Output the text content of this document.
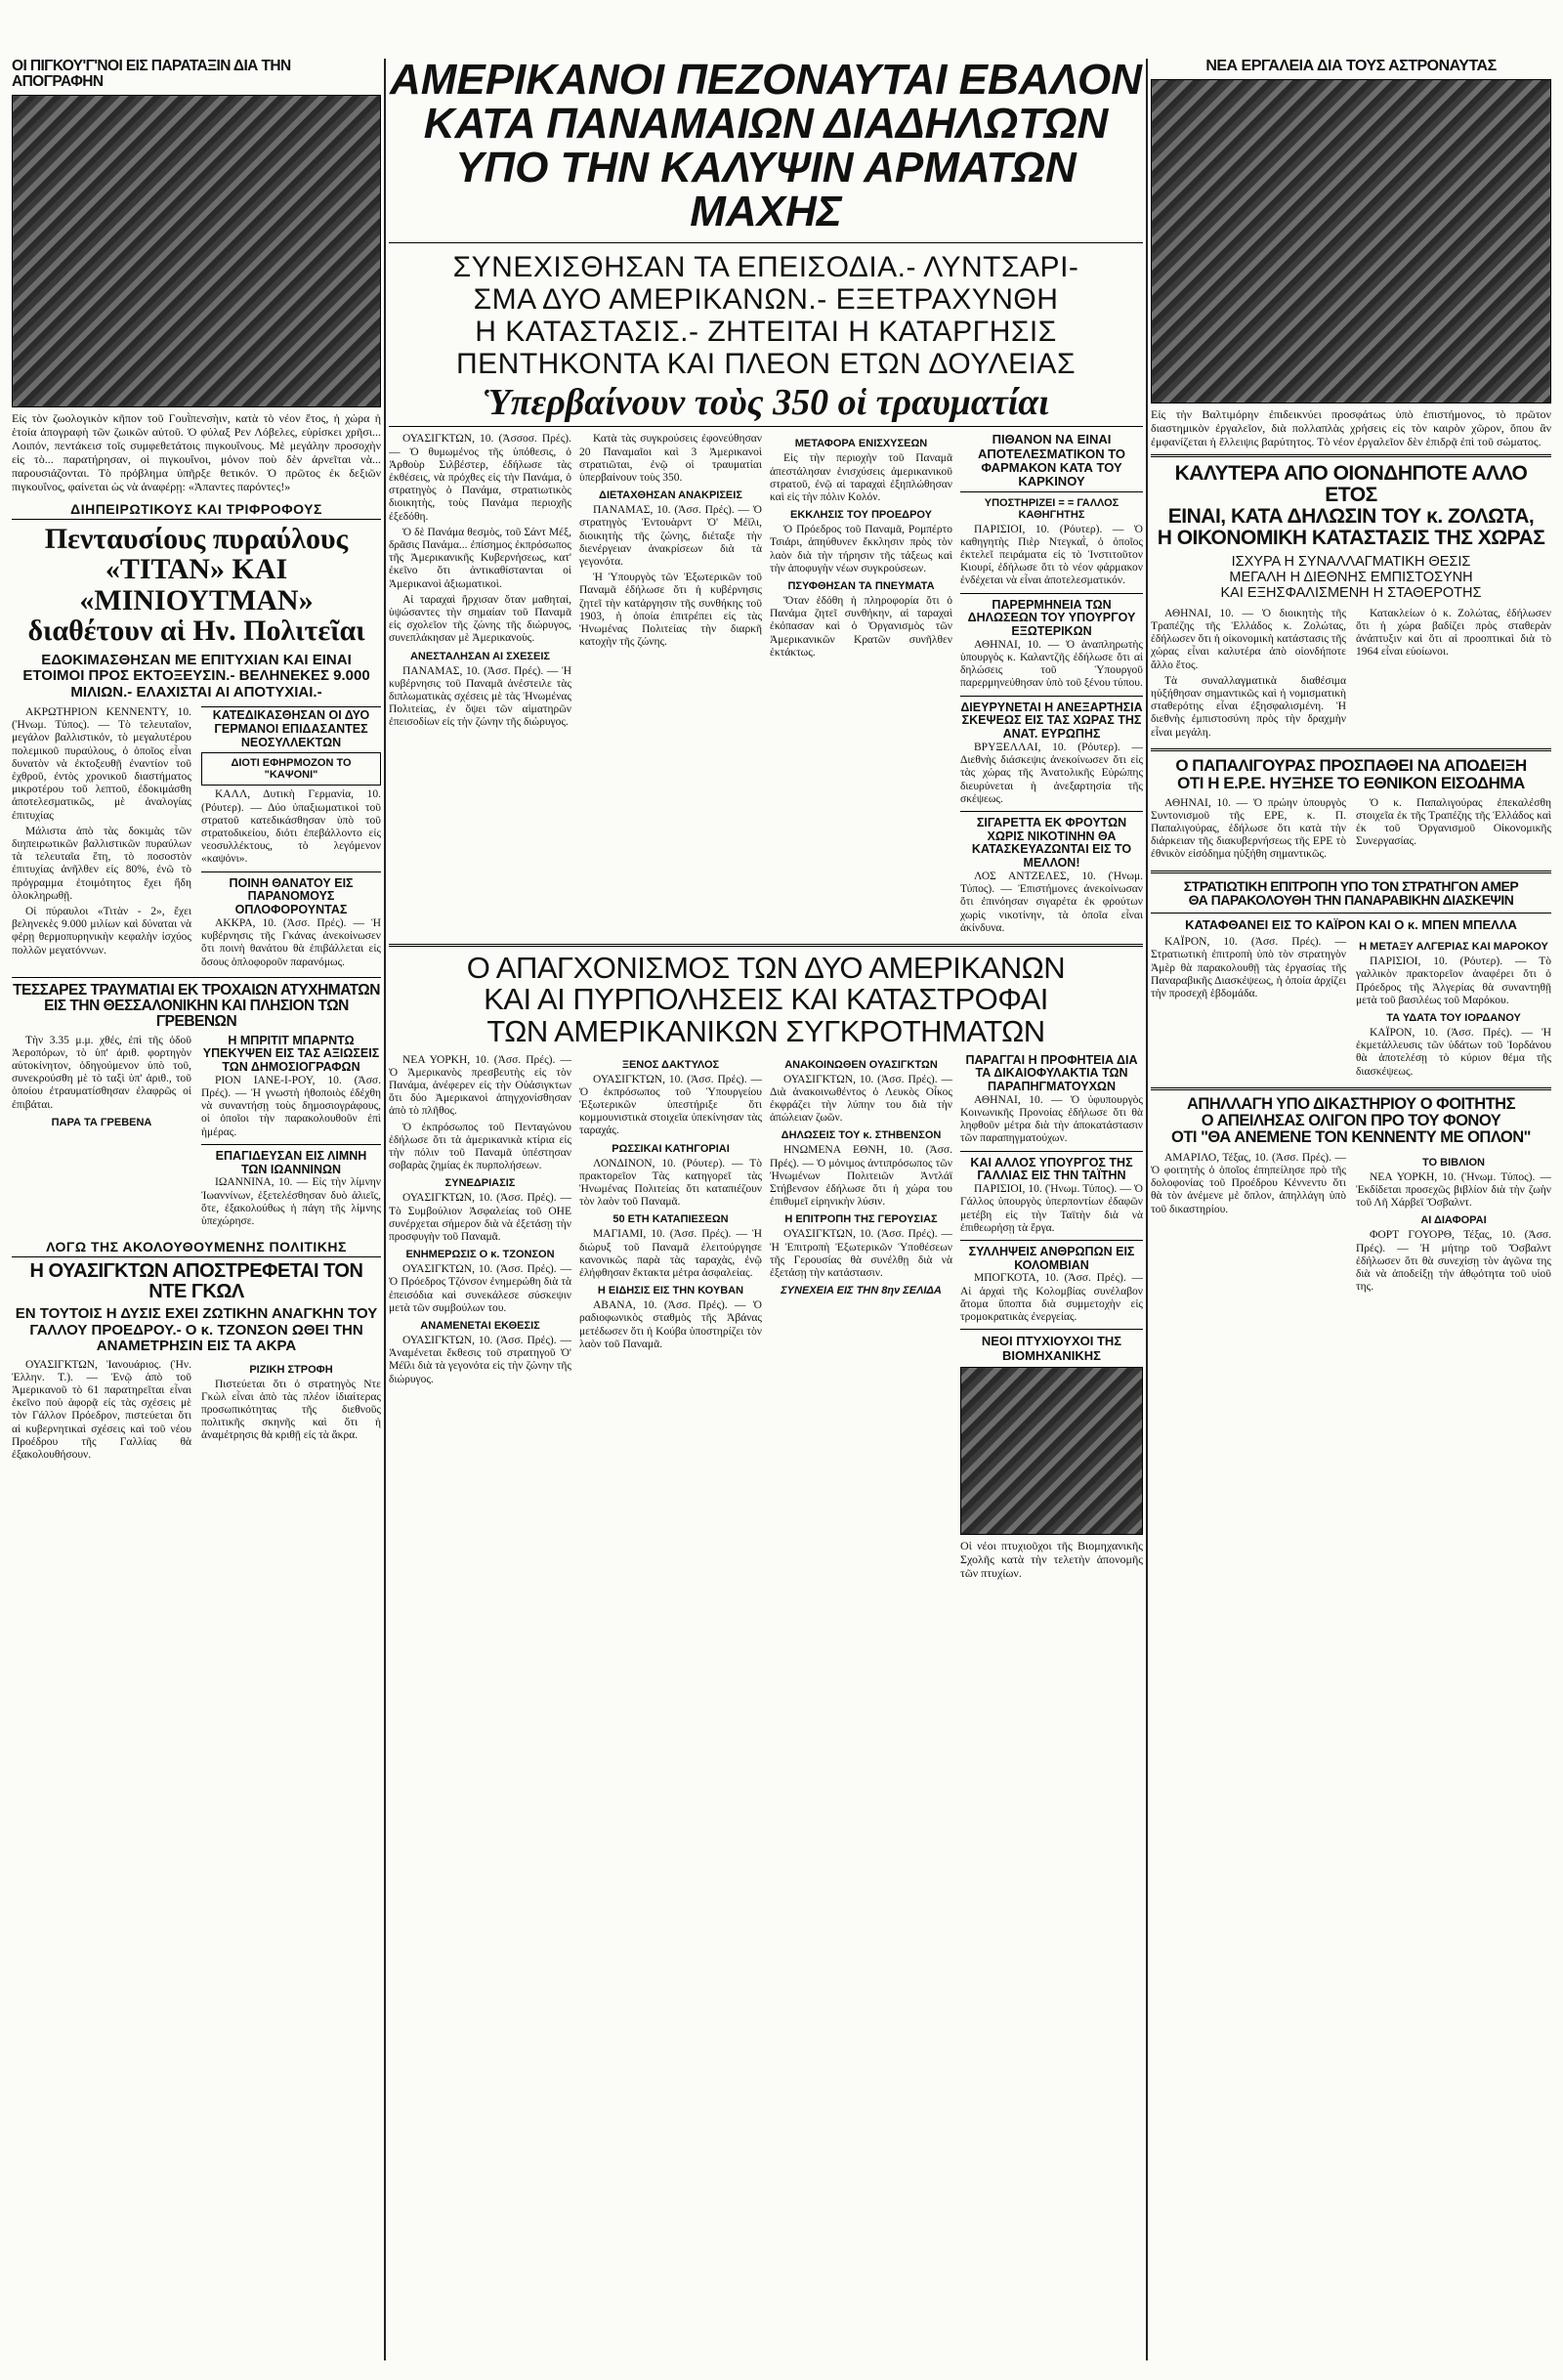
ΟΙ ΠΙΓΚΟΥ'Γ'ΝΟΙ ΕΙΣ ΠΑΡΑΤΑΞΙΝ ΔΙΑ ΤΗΝ ΑΠΟΓΡΑΦΗΝ
Εἰς τὸν ζωολογικὸν κῆπον τοῦ Γουῒπενσὴιν, κατὰ τὸ νέον ἔτος, ἡ χώρα ἡ ἑτοία ἀπογραφὴ τῶν ζωικῶν αὐτοῦ. Ὁ φύλαξ Ρεν Λόβελες, εὑρίσκει χρῆσι... Λοιπόν, πεντάκεισ τοῖς συμφεθετάτοις πιγκουΐνους. Μὲ μεγάλην προσοχὴν εἰς τὸ... παρατήρησαν, οἱ πιγκουΐνοι, μόνον ποὺ δὲν ἀρνεῖται νὰ... παρουσιάζονται. Τὸ πρόβλημα ὑπῆρξε θετικόν. Ὁ πρῶτος ἐκ δεξιῶν πιγκουΐνος, φαίνεται ὡς νὰ ἀναφέρῃ: «Ἀπαντες παρόντες!»
ΔΙΗΠΕΙΡΩΤΙΚΟΥΣ ΚΑΙ ΤΡΙΦΡΟΦΟΥΣ
Πενταυσίους πυραύλους
«ΤΙΤΑΝ» ΚΑΙ «ΜΙΝΙΟΥΤΜΑΝ»
διαθέτουν αἱ Ην. Πολιτεῖαι
ΕΔΟΚΙΜΑΣΘΗΣΑΝ ΜΕ ΕΠΙΤΥΧΙΑΝ ΚΑΙ ΕΙΝΑΙ ΕΤΟΙΜΟΙ ΠΡΟΣ ΕΚΤΟΞΕΥΣΙΝ.- ΒΕΛΗΝΕΚΕΣ 9.000 ΜΙΛΙΩΝ.- ΕΛΑΧΙΣΤΑΙ ΑΙ ΑΠΟΤΥΧΙΑΙ.-

ΑΚΡΩΤΗΡΙΟΝ ΚΕΝΝΕΝΤΥ, 10. (Ἡνωμ. Τύπος). — Τὸ τελευταῖον, μεγάλον βαλλιστικόν, τὸ μεγαλυτέρου πολεμικοῦ πυραύλους, ὁ ὁποῖος εἶναι δυνατὸν νὰ ἐκτοξευθῇ ἐναντίον τοῦ ἐχθροῦ, ἐντὸς χρονικοῦ διαστήματος μικροτέρου τοῦ λεπτοῦ, ἐδοκιμάσθη ἀποτελεσματικῶς, μὲ ἀναλογίας ἐπιτυχίας

Μάλιστα ἀπὸ τὰς δοκιμὰς τῶν διηπειρωτικῶν βαλλιστικῶν πυραύλων τὰ τελευταῖα ἔτη, τὸ ποσοστὸν ἐπιτυχίας ἀνῆλθεν εἰς 80%, ἐνῶ τὸ πρόγραμμα ἐτοιμότητος ἔχει ἤδη ὁλοκληρωθῇ.

Οἱ πύραυλοι «Τιτὰν - 2», ἔχει βεληνεκὲς 9.000 μιλίων καὶ δύναται νὰ φέρῃ θερμοπυρηνικὴν κεφαλὴν ἰσχύος πολλῶν μεγατόννων.

ΚΑΤΕΔΙΚΑΣΘΗΣΑΝ ΟΙ ΔΥΟ ΓΕΡΜΑΝΟΙ ΕΠΙΔΑΣΑΝΤΕΣ ΝΕΟΣΥΛΛΕΚΤΩΝ
ΔΙΟΤΙ ΕΦΗΡΜΟΖΟΝ ΤΟ "ΚΑΨΟΝΙ"

ΚΑΛΛ, Δυτικὴ Γερμανία, 10. (Ρόυτερ). — Δύο ὑπαξιωματικοὶ τοῦ στρατοῦ κατεδικάσθησαν ὑπὸ τοῦ στρατοδικείου, διότι ἐπεβάλλοντο εἰς νεοσυλλέκτους, τὸ λεγόμενον «καψόνι».

ΠΟΙΝΗ ΘΑΝΑΤΟΥ ΕΙΣ ΠΑΡΑΝΟΜΟΥΣ ΟΠΛΟΦΟΡΟΥΝΤΑΣ

ΑΚΚΡΑ, 10. (Ἀσσ. Πρές). — Ἡ κυβέρνησις τῆς Γκάνας ἀνεκοίνωσεν ὅτι ποινὴ θανάτου θὰ ἐπιβάλλεται εἰς ὅσους ὁπλοφοροῦν παρανόμως.

ΤΕΣΣΑΡΕΣ ΤΡΑΥΜΑΤΙΑΙ ΕΚ ΤΡΟΧΑΙΩΝ ΑΤΥΧΗΜΑΤΩΝ ΕΙΣ ΤΗΝ ΘΕΣΣΑΛΟΝΙΚΗΝ ΚΑΙ ΠΛΗΣΙΟΝ ΤΩΝ ΓΡΕΒΕΝΩΝ

Τὴν 3.35 μ.μ. χθές, ἐπὶ τῆς ὁδοῦ Ἀεροπόρων, τὸ ὑπ' ἀριθ. φορτηγὸν αὐτοκίνητον, ὁδηγούμενον ὑπὸ τοῦ, συνεκρούσθη μὲ τὸ ταξὶ ὑπ' ἀριθ., τοῦ ὁποίου ἐτραυματίσθησαν ἐλαφρῶς οἱ ἐπιβάται.

ΠΑΡΑ ΤΑ ΓΡΕΒΕΝΑ
Η ΜΠΡΙΤΙΤ ΜΠΑΡΝΤΩ ΥΠΕΚΥΨΕΝ ΕΙΣ ΤΑΣ ΑΞΙΩΣΕΙΣ ΤΩΝ ΔΗΜΟΣΙΟΓΡΑΦΩΝ

ΡΙΟΝ ΙΑΝΕ-Ι-ΡΟΥ, 10. (Ἀσσ. Πρές). — Ἡ γνωστὴ ἠθοποιὸς ἐδέχθη νὰ συναντήσῃ τοὺς δημοσιογράφους, οἱ ὁποῖοι τὴν παρακολουθοῦν ἐπὶ ἡμέρας.

ΕΠΑΓΙΔΕΥΣΑΝ ΕΙΣ ΛΙΜΝΗ ΤΩΝ ΙΩΑΝΝΙΝΩΝ

ΙΩΑΝΝΙΝΑ, 10. — Εἰς τὴν λίμνην Ἰωαννίνων, ἐξετελέσθησαν δυὸ ἀλιεῖς, ὅτε, ἐξακολούθως ἡ πάγη τῆς λίμνης ὑπεχώρησε.

ΛΟΓΩ ΤΗΣ ΑΚΟΛΟΥΘΟΥΜΕΝΗΣ ΠΟΛΙΤΙΚΗΣ
Η ΟΥΑΣΙΓΚΤΩΝ ΑΠΟΣΤΡΕΦΕΤΑΙ ΤΟΝ ΝΤΕ ΓΚΩΛ
ΕΝ ΤΟΥΤΟΙΣ Η ΔΥΣΙΣ ΕΧΕΙ ΖΩΤΙΚΗΝ ΑΝΑΓΚΗΝ ΤΟΥ ΓΑΛΛΟΥ ΠΡΟΕΔΡΟΥ.- Ο κ. ΤΖΟΝΣΟΝ ΩΘΕΙ ΤΗΝ ΑΝΑΜΕΤΡΗΣΙΝ ΕΙΣ ΤΑ ΑΚΡΑ

ΟΥΑΣΙΓΚΤΩΝ, Ἰανουάριος. (Ἡν. Ἐλλην. Τ.). — Ἐνῷ ἀπὸ τοῦ Ἁμερικανοῦ τὸ 61 παρατηρεῖται εἶναι ἐκεῖνο ποὺ ἀφορᾷ εἰς τὰς σχέσεις μὲ τὸν Γάλλον Πρόεδρον, πιστεύεται ὅτι αἱ κυβερνητικαὶ σχέσεις καὶ τοῦ νέου Προέδρου τῆς Γαλλίας θὰ ἐξακολουθήσουν.

ΡΙΖΙΚΗ ΣΤΡΟΦΗ

Πιστεύεται ὅτι ὁ στρατηγὸς Ντε Γκὼλ εἶναι ἀπὸ τὰς πλέον ἰδιαίτερας προσωπικότητας τῆς διεθνοῦς πολιτικῆς σκηνῆς καὶ ὅτι ἡ ἀναμέτρησις θὰ κριθῇ εἰς τὰ ἄκρα.

ΑΜΕΡΙΚΑΝΟΙ ΠΕΖΟΝΑΥΤΑΙ ΕΒΑΛΟΝ
ΚΑΤΑ ΠΑΝΑΜΑΙΩΝ ΔΙΑΔΗΛΩΤΩΝ
ΥΠΟ ΤΗΝ ΚΑΛΥΨΙΝ ΑΡΜΑΤΩΝ ΜΑΧΗΣ
ΣΥΝΕΧΙΣΘΗΣΑΝ ΤΑ ΕΠΕΙΣΟΔΙΑ.- ΛΥΝΤΣΑΡΙ-
ΣΜΑ ΔΥΟ ΑΜΕΡΙΚΑΝΩΝ.- ΕΞΕΤΡΑΧΥΝΘΗ
Η ΚΑΤΑΣΤΑΣΙΣ.- ΖΗΤΕΙΤΑΙ Η ΚΑΤΑΡΓΗΣΙΣ
ΠΕΝΤΗΚΟΝΤΑ ΚΑΙ ΠΛΕΟΝ ΕΤΩΝ ΔΟΥΛΕΙΑΣ
Ὑπερβαίνουν τοὺς 350 οἱ τραυματίαι

ΟΥΑΣΙΓΚΤΩΝ, 10. (Ἀσσοσ. Πρές). — Ὁ θυμωμένος τῆς ὑπόθεσις, ὁ Ἀρθοὺρ Σιλβέστερ, ἐδήλωσε τὰς ἐκθέσεις, νὰ πρόχθες εἰς τὴν Πανάμα, ὁ στρατηγὸς ὁ Πανάμα, στρατιωτικὸς διοικητὴς, τοὺς Πανάμα περιοχῆς ἐξεδόθη.

Ὁ δὲ Πανάμα θεσμὸς, τοῦ Σάντ Μέξ, δρᾶσις Πανάμα... ἐπίσημος ἐκπρόσωπος τῆς Ἀμερικανικῆς Κυβερνήσεως, κατ' ἐκεῖνο ὅτι ἀντικαθίστανται οἱ Ἀμερικανοὶ ἀξιωματικοὶ.

Αἱ ταραχαὶ ἤρχισαν ὅταν μαθηταί, ὑψώσαντες τὴν σημαίαν τοῦ Παναμᾶ εἰς σχολεῖον τῆς ζώνης τῆς διώρυγος, συνεπλάκησαν μὲ Ἀμερικανοὺς.

ΑΝΕΣΤΑΛΗΣΑΝ ΑΙ ΣΧΕΣΕΙΣ

ΠΑΝΑΜΑΣ, 10. (Ἀσσ. Πρές). — Ἡ κυβέρνησις τοῦ Παναμᾶ ἀνέστειλε τὰς διπλωματικὰς σχέσεις μὲ τὰς Ἡνωμένας Πολιτείας, ἐν ὄψει τῶν αἱματηρῶν ἐπεισοδίων εἰς τὴν ζώνην τῆς διώρυγος.

Κατὰ τὰς συγκρούσεις ἐφονεύθησαν 20 Παναμαῖοι καὶ 3 Ἀμερικανοὶ στρατιῶται, ἐνῷ οἱ τραυματίαι ὑπερβαίνουν τοὺς 350.

ΔΙΕΤΑΧΘΗΣΑΝ ΑΝΑΚΡΙΣΕΙΣ

ΠΑΝΑΜΑΣ, 10. (Ἀσσ. Πρές). — Ὁ στρατηγὸς Ἐντουὰρντ Ὁ' Μέϊλι, διοικητὴς τῆς ζώνης, διέταξε τὴν διενέργειαν ἀνακρίσεων διὰ τὰ γεγονότα.

Ἡ Ὑπουργὸς τῶν Ἐξωτερικῶν τοῦ Παναμᾶ ἐδήλωσε ὅτι ἡ κυβέρνησις ζητεῖ τὴν κατάργησιν τῆς συνθήκης τοῦ 1903, ἡ ὁποία ἐπιτρέπει εἰς τὰς Ἡνωμένας Πολιτείας τὴν διαρκῆ κατοχὴν τῆς ζώνης.

ΜΕΤΑΦΟΡΑ ΕΝΙΣΧΥΣΕΩΝ

Εἰς τὴν περιοχὴν τοῦ Παναμᾶ ἀπεστάλησαν ἐνισχύσεις ἀμερικανικοῦ στρατοῦ, ἐνῷ αἱ ταραχαὶ ἐξηπλώθησαν καὶ εἰς τὴν πόλιν Κολόν.

ΕΚΚΛΗΣΙΣ ΤΟΥ ΠΡΟΕΔΡΟΥ

Ὁ Πρόεδρος τοῦ Παναμᾶ, Ρομπέρτο Τσιάρι, ἀπηύθυνεν ἔκκλησιν πρὸς τὸν λαὸν διὰ τὴν τήρησιν τῆς τάξεως καὶ τὴν ἀποφυγὴν νέων συγκρούσεων.

ΠΣΥΦΘΗΣΑΝ ΤΑ ΠΝΕΥΜΑΤΑ

Ὅταν ἐδόθη ἡ πληροφορία ὅτι ὁ Πανάμα ζητεῖ συνθήκην, αἱ ταραχαὶ ἐκόπασαν καὶ ὁ Ὀργανισμὸς τῶν Ἀμερικανικῶν Κρατῶν συνῆλθεν ἐκτάκτως.

ΠΙΘΑΝΟΝ ΝΑ ΕΙΝΑΙ ΑΠΟΤΕΛΕΣΜΑΤΙΚΟΝ ΤΟ ΦΑΡΜΑΚΟΝ ΚΑΤΑ ΤΟΥ ΚΑΡΚΙΝΟΥ
ΥΠΟΣΤΗΡΙΖΕΙ = = ΓΑΛΛΟΣ ΚΑΘΗΓΗΤΗΣ

ΠΑΡΙΣΙΟΙ, 10. (Ρόυτερ). — Ὁ καθηγητὴς Πιὲρ Ντεγκαῒ, ὁ ὁποῖος ἐκτελεῖ πειράματα εἰς τὸ Ἰνστιτοῦτον Κιουρί, ἐδήλωσε ὅτι τὸ νέον φάρμακον ἐνδέχεται νὰ εἶναι ἀποτελεσματικόν.

ΠΑΡΕΡΜΗΝΕΙΑ ΤΩΝ ΔΗΛΩΣΕΩΝ ΤΟΥ ΥΠΟΥΡΓΟΥ ΕΞΩΤΕΡΙΚΩΝ

ΑΘΗΝΑΙ, 10. — Ὁ ἀναπληρωτὴς ὑπουργὸς κ. Καλαντζῆς ἐδήλωσε ὅτι αἱ δηλώσεις τοῦ Ὑπουργοῦ παρερμηνεύθησαν ὑπὸ τοῦ ξένου τύπου.

ΔΙΕΥΡΥΝΕΤΑΙ Η ΑΝΕΞΑΡΤΗΣΙΑ ΣΚΕΨΕΩΣ ΕΙΣ ΤΑΣ ΧΩΡΑΣ ΤΗΣ ΑΝΑΤ. ΕΥΡΩΠΗΣ

ΒΡΥΞΕΛΛΑΙ, 10. (Ρόυτερ). — Διεθνὴς διάσκεψις ἀνεκοίνωσεν ὅτι εἰς τὰς χώρας τῆς Ἀνατολικῆς Εὐρώπης διευρύνεται ἡ ἀνεξαρτησία τῆς σκέψεως.

ΣΙΓΑΡΕΤΤΑ ΕΚ ΦΡΟΥΤΩΝ ΧΩΡΙΣ ΝΙΚΟΤΙΝΗΝ ΘΑ ΚΑΤΑΣΚΕΥΑΖΩΝΤΑΙ ΕΙΣ ΤΟ ΜΕΛΛΟΝ!

ΛΟΣ ΑΝΤΖΕΛΕΣ, 10. (Ἡνωμ. Τύπος). — Ἐπιστήμονες ἀνεκοίνωσαν ὅτι ἐπινόησαν σιγαρέτα ἐκ φρούτων χωρὶς νικοτίνην, τὰ ὁποῖα εἶναι ἀκίνδυνα.

Ο ΑΠΑΓΧΟΝΙΣΜΟΣ ΤΩΝ ΔΥΟ ΑΜΕΡΙΚΑΝΩΝ
ΚΑΙ ΑΙ ΠΥΡΠΟΛΗΣΕΙΣ ΚΑΙ ΚΑΤΑΣΤΡΟΦΑΙ
ΤΩΝ ΑΜΕΡΙΚΑΝΙΚΩΝ ΣΥΓΚΡΟΤΗΜΑΤΩΝ

ΝΕΑ ΥΟΡΚΗ, 10. (Ἀσσ. Πρές). — Ὁ Ἀμερικανὸς πρεσβευτὴς εἰς τὸν Πανάμα, ἀνέφερεν εἰς τὴν Οὐάσιγκτων ὅτι δύο Ἀμερικανοὶ ἀπηγχονίσθησαν ἀπὸ τὸ πλῆθος.

Ὁ ἐκπρόσωπος τοῦ Πενταγώνου ἐδήλωσε ὅτι τὰ ἀμερικανικὰ κτίρια εἰς τὴν πόλιν τοῦ Παναμᾶ ὑπέστησαν σοβαρὰς ζημίας ἐκ πυρπολήσεων.

ΣΥΝΕΔΡΙΑΣΙΣ

ΟΥΑΣΙΓΚΤΩΝ, 10. (Ἀσσ. Πρές). — Τὸ Συμβούλιον Ἀσφαλείας τοῦ ΟΗΕ συνέρχεται σήμερον διὰ νὰ ἐξετάσῃ τὴν προσφυγὴν τοῦ Παναμᾶ.

ΕΝΗΜΕΡΩΣΙΣ Ο κ. ΤΖΟΝΣΟΝ

ΟΥΑΣΙΓΚΤΩΝ, 10. (Ἀσσ. Πρές). — Ὁ Πρόεδρος Τζόνσον ἐνημερώθη διὰ τὰ ἐπεισόδια καὶ συνεκάλεσε σύσκεψιν μετὰ τῶν συμβούλων του.

ΑΝΑΜΕΝΕΤΑΙ ΕΚΘΕΣΙΣ

ΟΥΑΣΙΓΚΤΩΝ, 10. (Ἀσσ. Πρές). — Ἀναμένεται ἔκθεσις τοῦ στρατηγοῦ Ὁ' Μέϊλι διὰ τὰ γεγονότα εἰς τὴν ζώνην τῆς διώρυγος.

ΞΕΝΟΣ ΔΑΚΤΥΛΟΣ

ΟΥΑΣΙΓΚΤΩΝ, 10. (Ἀσσ. Πρές). — Ὁ ἐκπρόσωπος τοῦ Ὑπουργείου Ἐξωτερικῶν ὑπεστήριξε ὅτι κομμουνιστικὰ στοιχεῖα ὑπεκίνησαν τὰς ταραχάς.

ΡΩΣΣΙΚΑΙ ΚΑΤΗΓΟΡΙΑΙ

ΛΟΝΔΙΝΟΝ, 10. (Ρόυτερ). — Τὸ πρακτορεῖον Τὰς κατηγορεῖ τὰς Ἡνωμένας Πολιτείας ὅτι καταπιέζουν τὸν λαὸν τοῦ Παναμᾶ.

50 ΕΤΗ ΚΑΤΑΠΙΕΣΕΩΝ

ΜΑΓΙΑΜΙ, 10. (Ἀσσ. Πρές). — Ἡ διώρυξ τοῦ Παναμᾶ ἐλειτούργησε κανονικῶς παρὰ τὰς ταραχὰς, ἐνῷ ἐλήφθησαν ἔκτακτα μέτρα ἀσφαλείας.

Η ΕΙΔΗΣΙΣ ΕΙΣ ΤΗΝ ΚΟΥΒΑΝ

ΑΒΑΝΑ, 10. (Ἀσσ. Πρές). — Ὁ ραδιοφωνικὸς σταθμὸς τῆς Ἀβάνας μετέδωσεν ὅτι ἡ Κούβα ὑποστηρίζει τὸν λαὸν τοῦ Παναμᾶ.

ΑΝΑΚΟΙΝΩΘΕΝ ΟΥΑΣΙΓΚΤΩΝ

ΟΥΑΣΙΓΚΤΩΝ, 10. (Ἀσσ. Πρές). — Διὰ ἀνακοινωθέντος ὁ Λευκὸς Οἶκος ἐκφράζει τὴν λύπην του διὰ τὴν ἀπώλειαν ζωῶν.

ΔΗΛΩΣΕΙΣ ΤΟΥ κ. ΣΤΗΒΕΝΣΟΝ

ΗΝΩΜΕΝΑ ΕΘΝΗ, 10. (Ἀσσ. Πρές). — Ὁ μόνιμος ἀντιπρόσωπος τῶν Ἡνωμένων Πολιτειῶν Ἀντλάϊ Στήβενσον ἐδήλωσε ὅτι ἡ χώρα του ἐπιθυμεῖ εἰρηνικὴν λύσιν.

Η ΕΠΙΤΡΟΠΗ ΤΗΣ ΓΕΡΟΥΣΙΑΣ

ΟΥΑΣΙΓΚΤΩΝ, 10. (Ἀσσ. Πρές). — Ἡ Ἐπιτροπὴ Ἐξωτερικῶν Ὑποθέσεων τῆς Γερουσίας θὰ συνέλθῃ διὰ νὰ ἐξετάσῃ τὴν κατάστασιν.

ΣΥΝΕΧΕΙΑ ΕΙΣ ΤΗΝ 8ην ΣΕΛΙΔΑ
ΠΑΡΑΓΓΑΙ Η ΠΡΟΦΗΤΕΙΑ ΔΙΑ ΤΑ ΔΙΚΑΙΟΦΥΛΑΚΤΙΑ ΤΩΝ ΠΑΡΑΠΗΓΜΑΤΟΥΧΩΝ

ΑΘΗΝΑΙ, 10. — Ὁ ὑφυπουργὸς Κοινωνικῆς Προνοίας ἐδήλωσε ὅτι θὰ ληφθοῦν μέτρα διὰ τὴν ἀποκατάστασιν τῶν παραπηγματούχων.

ΚΑΙ ΑΛΛΟΣ ΥΠΟΥΡΓΟΣ ΤΗΣ ΓΑΛΛΙΑΣ ΕΙΣ ΤΗΝ ΤΑΪΤΗΝ

ΠΑΡΙΣΙΟΙ, 10. (Ἡνωμ. Τύπος). — Ὁ Γάλλος ὑπουργὸς ὑπερποντίων ἐδαφῶν μετέβη εἰς τὴν Ταϊτὴν διὰ νὰ ἐπιθεωρήσῃ τὰ ἔργα.

ΣΥΛΛΗΨΕΙΣ ΑΝΘΡΩΠΩΝ ΕΙΣ ΚΟΛΟΜΒΙΑΝ

ΜΠΟΓΚΟΤΑ, 10. (Ἀσσ. Πρές). — Αἱ ἀρχαὶ τῆς Κολομβίας συνέλαβον ἄτομα ὕποπτα διὰ συμμετοχὴν εἰς τρομοκρατικὰς ἐνεργείας.

ΝΕΟΙ ΠΤΥΧΙΟΥΧΟΙ ΤΗΣ ΒΙΟΜΗΧΑΝΙΚΗΣ
Οἱ νέοι πτυχιοῦχοι τῆς Βιομηχανικῆς Σχολῆς κατὰ τὴν τελετὴν ἀπονομῆς τῶν πτυχίων.
ΝΕΑ ΕΡΓΑΛΕΙΑ ΔΙΑ ΤΟΥΣ ΑΣΤΡΟΝΑΥΤΑΣ
Εἰς τὴν Βαλτιμόρην ἐπιδεικνύει προσφάτως ὑπὸ ἐπιστήμονος, τὸ πρῶτον διαστημικὸν ἐργαλεῖον, διὰ πολλαπλὰς χρήσεις εἰς τὸν καιρὸν χῶρον, ὅπου ἂν ἐμφανίζεται ἡ ἔλλειψις βαρύτητος. Τὸ νέον ἐργαλεῖον δὲν ἐπιδρᾷ ἐπὶ τοῦ σώματος.
ΚΑΛΥΤΕΡΑ ΑΠΟ ΟΙΟΝΔΗΠΟΤΕ ΑΛΛΟ ΕΤΟΣ
ΕΙΝΑΙ, ΚΑΤΑ ΔΗΛΩΣΙΝ ΤΟΥ κ. ΖΟΛΩΤΑ,
Η ΟΙΚΟΝΟΜΙΚΗ ΚΑΤΑΣΤΑΣΙΣ ΤΗΣ ΧΩΡΑΣ
ΙΣΧΥΡΑ Η ΣΥΝΑΛΛΑΓΜΑΤΙΚΗ ΘΕΣΙΣ
ΜΕΓΑΛΗ Η ΔΙΕΘΝΗΣ ΕΜΠΙΣΤΟΣΥΝΗ
ΚΑΙ ΕΞΗΣΦΑΛΙΣΜΕΝΗ Η ΣΤΑΘΕΡΟΤΗΣ

ΑΘΗΝΑΙ, 10. — Ὁ διοικητὴς τῆς Τραπέζης τῆς Ἑλλάδος κ. Ζολώτας, ἐδήλωσεν ὅτι ἡ οἰκονομικὴ κατάστασις τῆς χώρας εἶναι καλυτέρα ἀπὸ οἱονδήποτε ἄλλο ἔτος.

Τὰ συναλλαγματικὰ διαθέσιμα ηὐξήθησαν σημαντικῶς καὶ ἡ νομισματικὴ σταθερότης εἶναι ἐξησφαλισμένη. Ἡ διεθνὴς ἐμπιστοσύνη πρὸς τὴν δραχμὴν εἶναι μεγάλη.

Κατακλείων ὁ κ. Ζολώτας, ἐδήλωσεν ὅτι ἡ χώρα βαδίζει πρὸς σταθερὰν ἀνάπτυξιν καὶ ὅτι αἱ προοπτικαὶ διὰ τὸ 1964 εἶναι εὐοίωνοι.

Ο ΠΑΠΑΛΙΓΟΥΡΑΣ ΠΡΟΣΠΑΘΕΙ ΝΑ ΑΠΟΔΕΙΞΗ
ΟΤΙ Η Ε.Ρ.Ε. ΗΥΞΗΣΕ ΤΟ ΕΘΝΙΚΟΝ ΕΙΣΟΔΗΜΑ

ΑΘΗΝΑΙ, 10. — Ὁ πρώην ὑπουργὸς Συντονισμοῦ τῆς ΕΡΕ, κ. Π. Παπαλιγούρας, ἐδήλωσε ὅτι κατὰ τὴν διάρκειαν τῆς διακυβερνήσεως τῆς ΕΡΕ τὸ ἐθνικὸν εἰσόδημα ηὐξήθη σημαντικῶς.

Ὁ κ. Παπαλιγούρας ἐπεκαλέσθη στοιχεῖα ἐκ τῆς Τραπέζης τῆς Ἑλλάδος καὶ ἐκ τοῦ Ὀργανισμοῦ Οἰκονομικῆς Συνεργασίας.

ΣΤΡΑΤΙΩΤΙΚΗ ΕΠΙΤΡΟΠΗ ΥΠΟ ΤΟΝ ΣΤΡΑΤΗΓΟΝ ΑΜΕΡ
ΘΑ ΠΑΡΑΚΟΛΟΥΘΗ ΤΗΝ ΠΑΝΑΡΑΒΙΚΗΝ ΔΙΑΣΚΕΨΙΝ
ΚΑΤΑΦΘΑΝΕΙ ΕΙΣ ΤΟ ΚΑΪΡΟΝ ΚΑΙ Ο κ. ΜΠΕΝ ΜΠΕΛΛΑ

ΚΑΪΡΟΝ, 10. (Ἀσσ. Πρές). — Στρατιωτικὴ ἐπιτροπὴ ὑπὸ τὸν στρατηγὸν Ἀμὲρ θὰ παρακολουθῇ τὰς ἐργασίας τῆς Παναραβικῆς Διασκέψεως, ἡ ὁποία ἀρχίζει τὴν προσεχῆ ἑβδομάδα.

Η ΜΕΤΑΞΥ ΑΛΓΕΡΙΑΣ ΚΑΙ ΜΑΡΟΚΟΥ

ΠΑΡΙΣΙΟΙ, 10. (Ρόυτερ). — Τὸ γαλλικὸν πρακτορεῖον ἀναφέρει ὅτι ὁ Πρόεδρος τῆς Ἀλγερίας θὰ συναντηθῇ μετὰ τοῦ βασιλέως τοῦ Μαρόκου.

ΤΑ ΥΔΑΤΑ ΤΟΥ ΙΟΡΔΑΝΟΥ

ΚΑΪΡΟΝ, 10. (Ἀσσ. Πρές). — Ἡ ἐκμετάλλευσις τῶν ὑδάτων τοῦ Ἰορδάνου θὰ ἀποτελέσῃ τὸ κύριον θέμα τῆς διασκέψεως.

ΑΠΗΛΛΑΓΗ ΥΠΟ ΔΙΚΑΣΤΗΡΙΟΥ Ο ΦΟΙΤΗΤΗΣ
Ο ΑΠΕΙΛΗΣΑΣ ΟΛΙΓΟΝ ΠΡΟ ΤΟΥ ΦΟΝΟΥ
ΟΤΙ "ΘΑ ΑΝΕΜΕΝΕ ΤΟΝ ΚΕΝΝΕΝΤΥ ΜΕ ΟΠΛΟΝ"

ΑΜΑΡΙΛΟ, Τέξας, 10. (Ἀσσ. Πρές). — Ὁ φοιτητὴς ὁ ὁποῖος ἐπηπείλησε πρὸ τῆς δολοφονίας τοῦ Προέδρου Κέννεντυ ὅτι θὰ τὸν ἀνέμενε μὲ ὅπλον, ἀπηλλάγη ὑπὸ τοῦ δικαστηρίου.

ΤΟ ΒΙΒΛΙΟΝ

ΝΕΑ ΥΟΡΚΗ, 10. (Ἡνωμ. Τύπος). — Ἐκδίδεται προσεχῶς βιβλίον διὰ τὴν ζωὴν τοῦ Λῆ Χάρβεϊ Ὄσβαλντ.

ΑΙ ΔΙΑΦΟΡΑΙ

ΦΟΡΤ ΓΟΥΟΡΘ, Τέξας, 10. (Ἀσσ. Πρές). — Ἡ μήτηρ τοῦ Ὄσβαλντ ἐδήλωσεν ὅτι θὰ συνεχίσῃ τὸν ἀγῶνα της διὰ νὰ ἀποδείξῃ τὴν ἀθῳότητα τοῦ υἱοῦ της.
